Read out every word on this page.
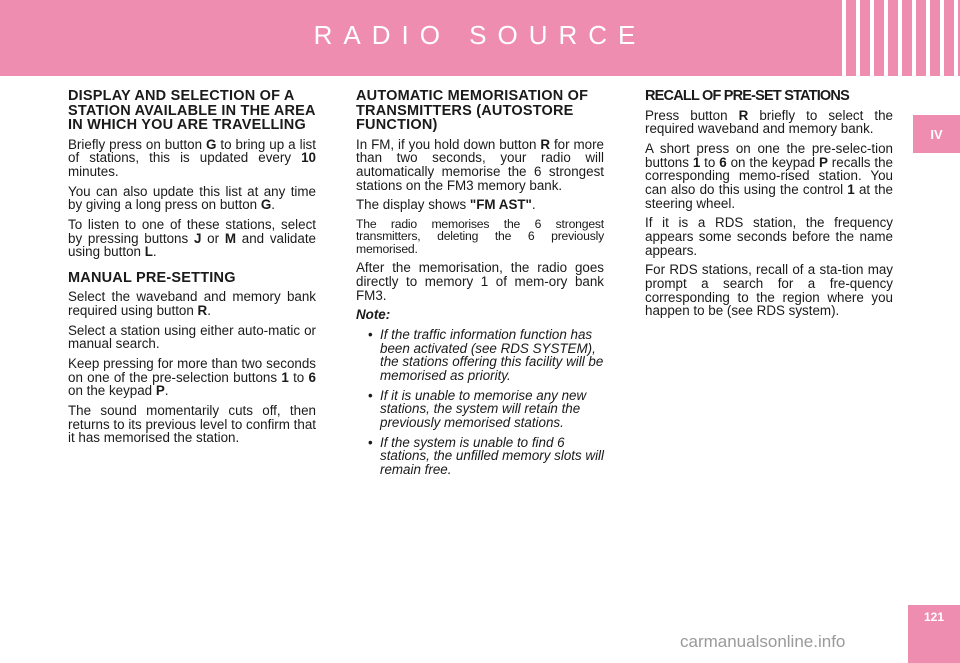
RADIO SOURCE
IV
DISPLAY AND SELECTION OF A STATION AVAILABLE IN THE AREA IN WHICH YOU ARE TRAVELLING

Briefly press on button G to bring up a list of stations, this is updated every 10 minutes.

You can also update this list at any time by giving a long press on button G.

To listen to one of these stations, select by pressing buttons J or M and validate using button L.

MANUAL PRE-SETTING

Select the waveband and memory bank required using button R.

Select a station using either auto-matic or manual search.

Keep pressing for more than two seconds on one of the pre-selection buttons 1 to 6 on the keypad P.

The sound momentarily cuts off, then returns to its previous level to confirm that it has memorised the station.

AUTOMATIC MEMORISATION OF TRANSMITTERS (AUTOSTORE FUNCTION)

In FM, if you hold down button R for more than two seconds, your radio will automatically memorise the 6 strongest stations on the FM3 memory bank.

The display shows "FM AST".

The radio memorises the 6 strongest transmitters, deleting the 6 previously memorised.

After the memorisation, the radio goes directly to memory 1 of mem-ory bank FM3.

Note:

• If the traffic information function has been activated (see RDS SYSTEM), the stations offering this facility will be memorised as priority.
• If it is unable to memorise any new stations, the system will retain the previously memorised stations.
• If the system is unable to find 6 stations, the unfilled memory slots will remain free.
RECALL OF PRE-SET STATIONS

Press button R briefly to select the required waveband and memory bank.

A short press on one the pre-selec-tion buttons 1 to 6 on the keypad P recalls the corresponding memo-rised station. You can also do this using the control 1 at the steering wheel.

If it is a RDS station, the frequency appears some seconds before the name appears.

For RDS stations, recall of a sta-tion may prompt a search for a fre-quency corresponding to the region where you happen to be (see RDS system).

121
carmanualsonline.info
